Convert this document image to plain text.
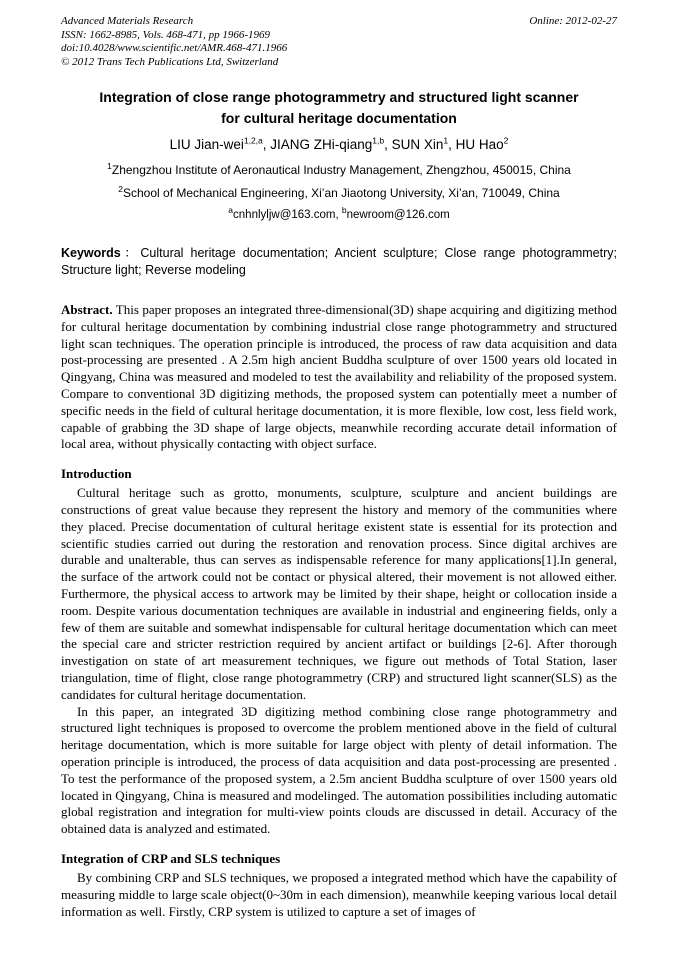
Advanced Materials Research
ISSN: 1662-8985, Vols. 468-471, pp 1966-1969
doi:10.4028/www.scientific.net/AMR.468-471.1966
© 2012 Trans Tech Publications Ltd, Switzerland
Online: 2012-02-27
Integration of close range photogrammetry and structured light scanner
for cultural heritage documentation
LIU Jian-wei$^{1,2,a}$, JIANG ZHi-qiang$^{1,b}$, SUN Xin$^1$, HU Hao$^2$
$^1$Zhengzhou Institute of Aeronautical Industry Management, Zhengzhou, 450015, China
$^2$School of Mechanical Engineering, Xi’an Jiaotong University, Xi’an, 710049, China
$^a$cnhnlyljw@163.com, $^b$newroom@126.com
Keywords：Cultural heritage documentation; Ancient sculpture; Close range photogrammetry; Structure light; Reverse modeling
Abstract. This paper proposes an integrated three-dimensional(3D) shape acquiring and digitizing method for cultural heritage documentation by combining industrial close range photogrammetry and structured light scan techniques. The operation principle is introduced, the process of raw data acquisition and data post-processing are presented . A 2.5m high ancient Buddha sculpture of over 1500 years old located in Qingyang, China was measured and modeled to test the availability and reliability of the proposed system. Compare to conventional 3D digitizing methods, the proposed system can potentially meet a number of specific needs in the field of cultural heritage documentation, it is more flexible, low cost, less field work, capable of grabbing the 3D shape of large objects, meanwhile recording accurate detail information of local area, without physically contacting with object surface.
Introduction

Cultural heritage such as grotto, monuments, sculpture, sculpture and ancient buildings are constructions of great value because they represent the history and memory of the communities where they placed. Precise documentation of cultural heritage existent state is essential for its protection and scientific studies carried out during the restoration and renovation process. Since digital archives are durable and unalterable, thus can serves as indispensable reference for many applications[1].In general, the surface of the artwork could not be contact or physical altered, their movement is not allowed either. Furthermore, the physical access to artwork may be limited by their shape, height or collocation inside a room. Despite various documentation techniques are available in industrial and engineering fields, only a few of them are suitable and somewhat indispensable for cultural heritage documentation which can meet the special care and stricter restriction required by ancient artifact or buildings [2-6]. After thorough investigation on state of art measurement techniques, we figure out methods of Total Station, laser triangulation, time of flight, close range photogrammetry (CRP) and structured light scanner(SLS) as the candidates for cultural heritage documentation.

In this paper, an integrated 3D digitizing method combining close range photogrammetry and structured light techniques is proposed to overcome the problem mentioned above in the field of cultural heritage documentation, which is more suitable for large object with plenty of detail information. The operation principle is introduced, the process of data acquisition and data post-processing are presented . To test the performance of the proposed system, a 2.5m ancient Buddha sculpture of over 1500 years old located in Qingyang, China is measured and modelinged. The automation possibilities including automatic global registration and integration for multi-view points clouds are discussed in detail. Accuracy of the obtained data is analyzed and estimated.

Integration of CRP and SLS techniques

By combining CRP and SLS techniques, we proposed a integrated method which have the capability of measuring middle to large scale object(0~30m in each dimension), meanwhile keeping various local detail information as well. Firstly, CRP system is utilized to capture a set of images of
